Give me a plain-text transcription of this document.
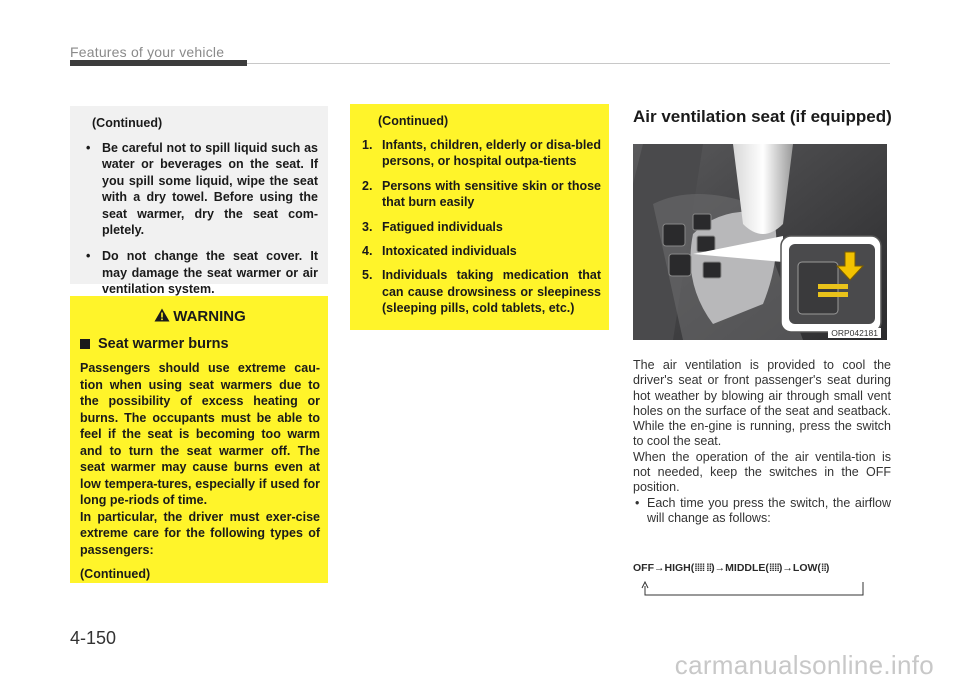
Features of your vehicle
(Continued)
• Be careful not to spill liquid such as water or beverages on the seat. If you spill some liquid, wipe the seat with a dry towel. Before using the seat warmer, dry the seat com-pletely.
• Do not change the seat cover. It may damage the seat warmer or air ventilation system.
WARNING
Seat warmer burns
Passengers should use extreme cau-tion when using seat warmers due to the possibility of excess heating or burns. The occupants must be able to feel if the seat is becoming too warm and to turn the seat warmer off. The seat warmer may cause burns even at low tempera-tures, especially if used for long pe-riods of time.
In particular, the driver must exer-cise extreme care for the following types of passengers:
(Continued)
(Continued)
1. Infants, children, elderly or disa-bled persons, or hospital outpa-tients
2. Persons with sensitive skin or those that burn easily
3. Fatigued individuals
4. Intoxicated individuals
5. Individuals taking medication that can cause drowsiness or sleepiness (sleeping pills, cold tablets, etc.)
Air ventilation seat (if equipped)
ORP042181

The air ventilation is provided to cool the driver's seat or front passenger's seat during hot weather by blowing air through small vent holes on the surface of the seat and seatback. While the en-gine is running, press the switch to cool the seat.

When the operation of the air ventila-tion is not needed, keep the switches in the OFF position.

• Each time you press the switch, the airflow will change as follows:

OFF→HIGH(⁞⁞⁞⁞ ⁞⁞)→MIDDLE(⁞⁞⁞⁞)→LOW(⁞⁞)
4-150
carmanualsonline.info
